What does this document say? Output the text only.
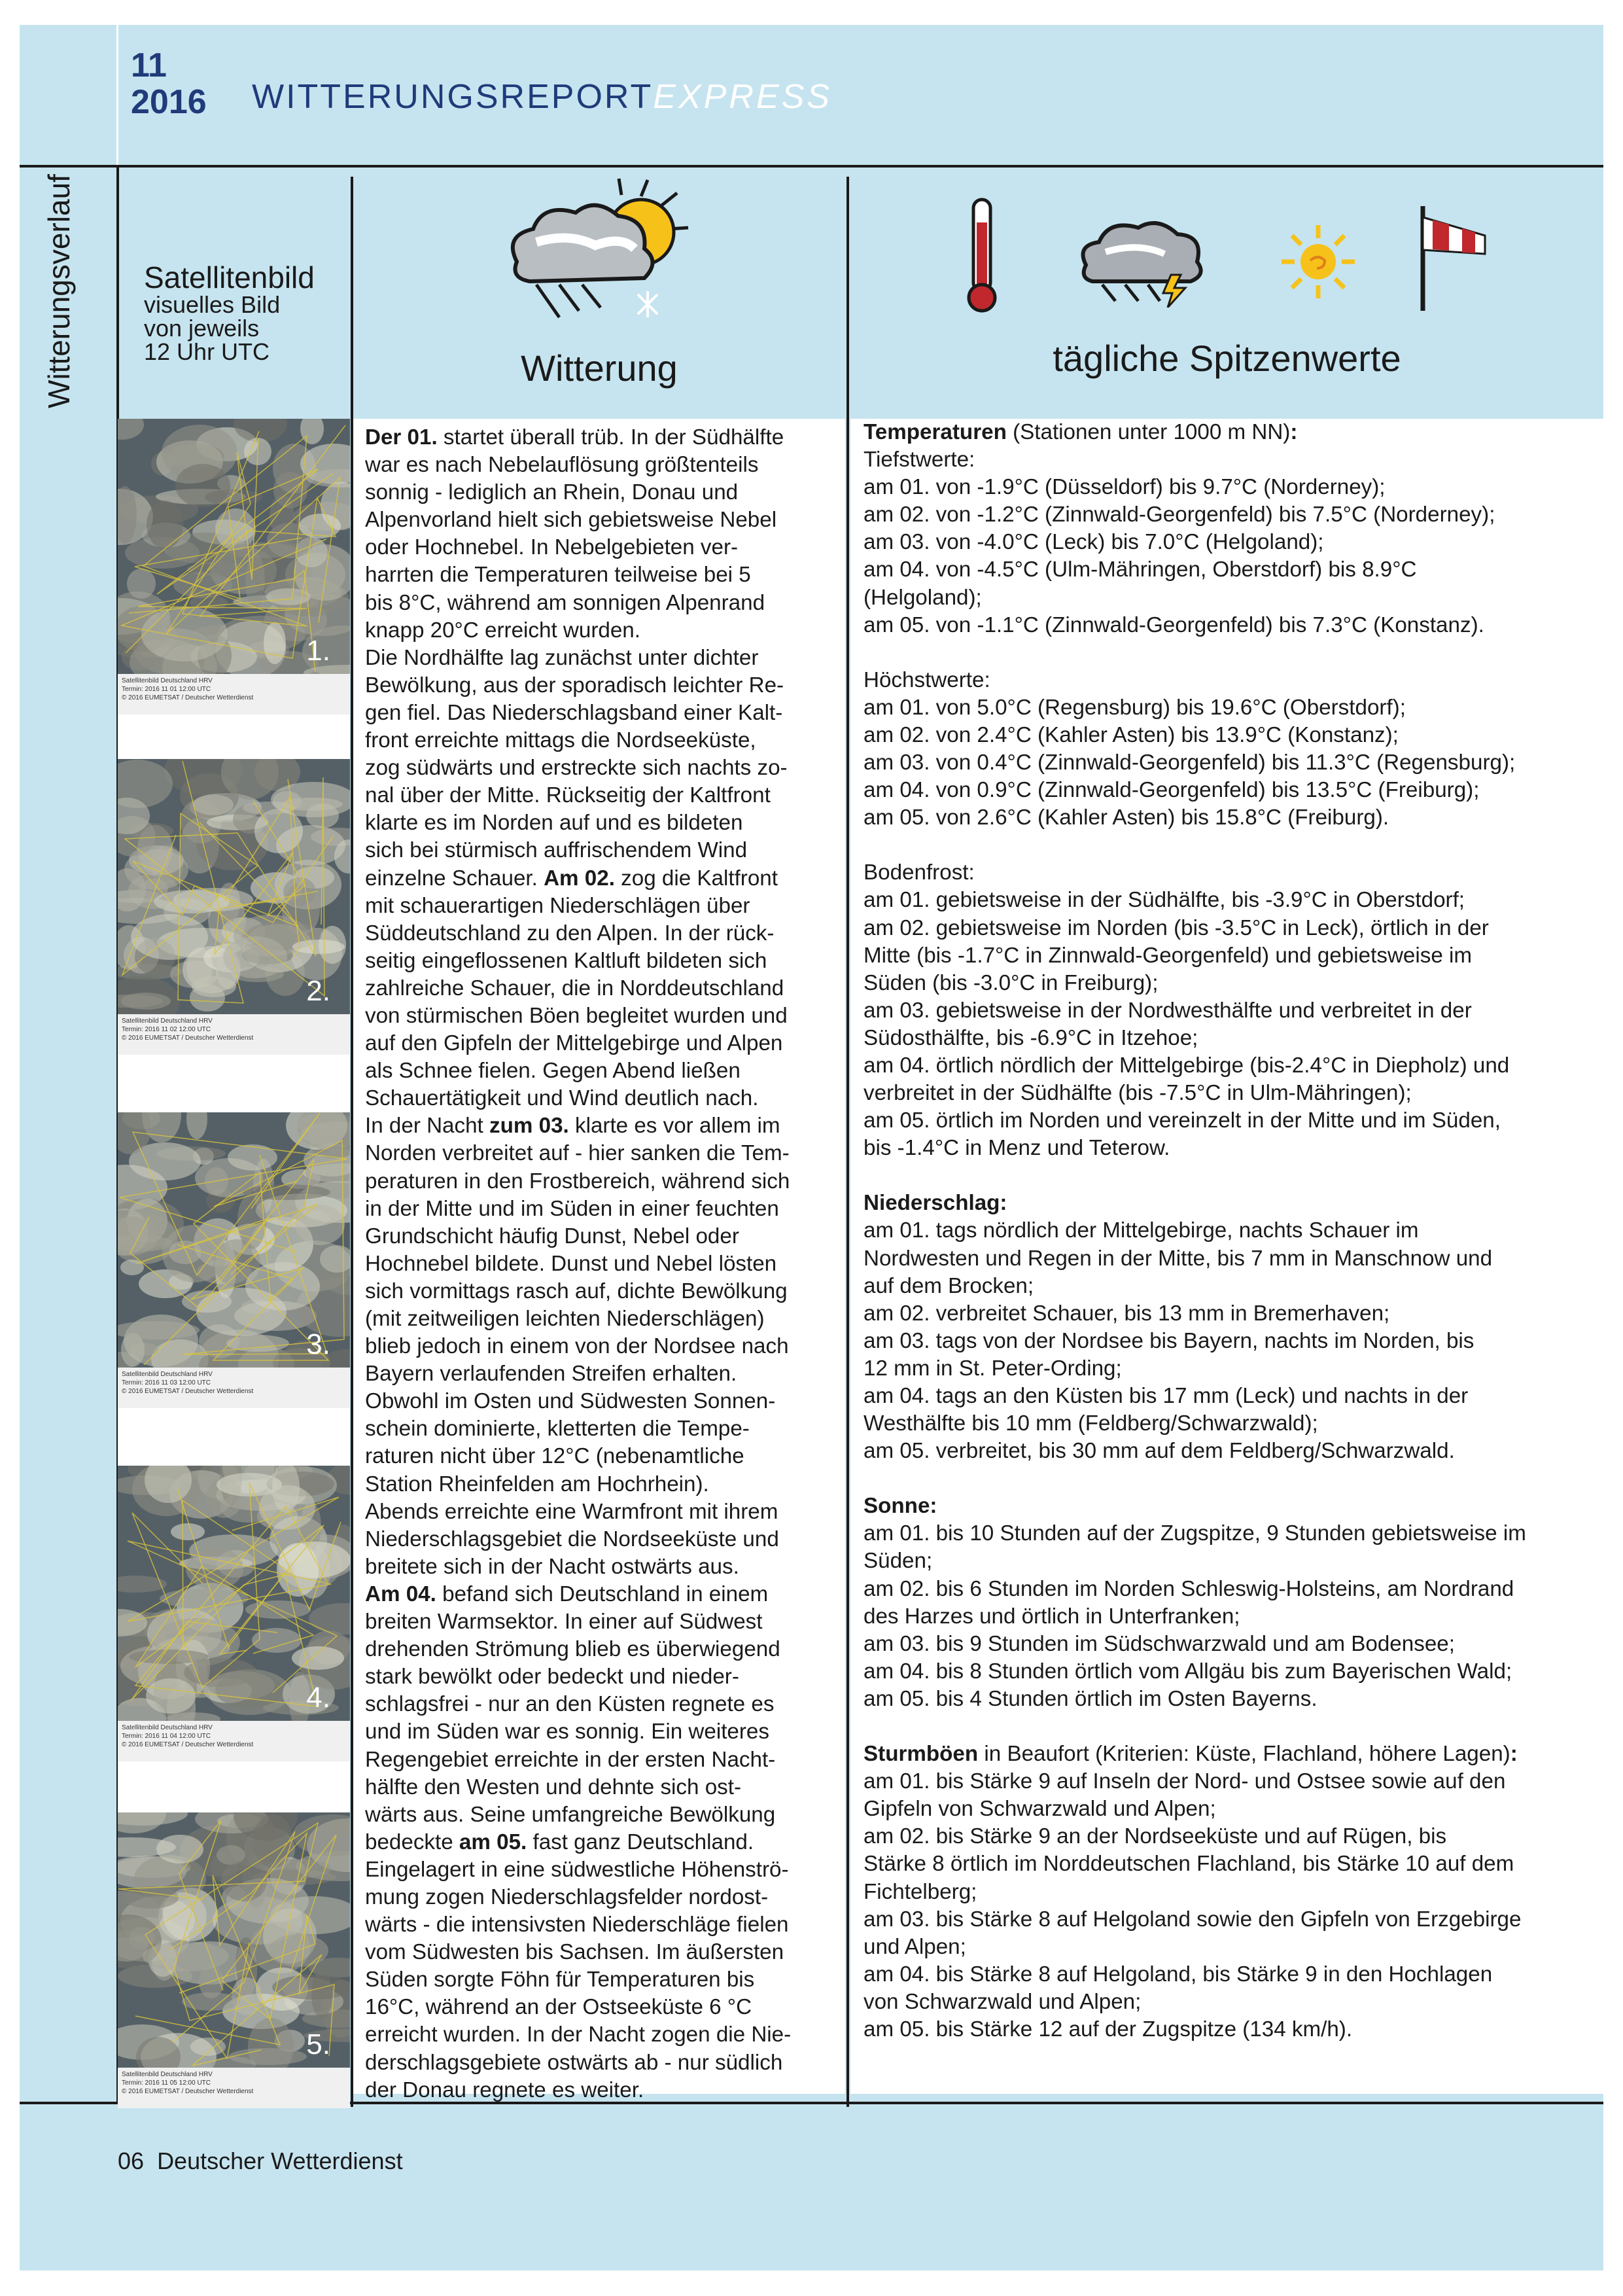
11
2016 WITTERUNGSREPORTEXPRESS
Witterungsverlauf Satellitenbild
visuelles Bild
von jeweils
12 Uhr UTC	Witterung	tägliche Spitzenwerte
1.
Satellitenbild Deutschland HRV
Termin: 2016 11 01 12:00 UTC
© 2016 EUMETSAT / Deutscher Wetterdienst
2.
Satellitenbild Deutschland HRV
Termin: 2016 11 02 12:00 UTC
© 2016 EUMETSAT / Deutscher Wetterdienst
3.
Satellitenbild Deutschland HRV
Termin: 2016 11 03 12:00 UTC
© 2016 EUMETSAT / Deutscher Wetterdienst
4.
Satellitenbild Deutschland HRV
Termin: 2016 11 04 12:00 UTC
© 2016 EUMETSAT / Deutscher Wetterdienst
5.
Satellitenbild Deutschland HRV
Termin: 2016 11 05 12:00 UTC
© 2016 EUMETSAT / Deutscher Wetterdienst

Der 01. startet überall trüb. In der Südhälfte

war es nach Nebelauflösung größtenteils

sonnig - lediglich an Rhein, Donau und

Alpenvorland hielt sich gebietsweise Nebel

oder Hochnebel. In Nebelgebieten ver-

harrten die Temperaturen teilweise bei 5

bis 8°C, während am sonnigen Alpenrand

knapp 20°C erreicht wurden.

Die Nordhälfte lag zunächst unter dichter

Bewölkung, aus der sporadisch leichter Re-

gen fiel. Das Niederschlagsband einer Kalt-

front erreichte mittags die Nordseeküste,

zog südwärts und erstreckte sich nachts zo-

nal über der Mitte. Rückseitig der Kaltfront

klarte es im Norden auf und es bildeten

sich bei stürmisch auffrischendem Wind

einzelne Schauer. Am 02. zog die Kaltfront

mit schauerartigen Niederschlägen über

Süddeutschland zu den Alpen. In der rück-

seitig eingeflossenen Kaltluft bildeten sich

zahlreiche Schauer, die in Norddeutschland

von stürmischen Böen begleitet wurden und

auf den Gipfeln der Mittelgebirge und Alpen

als Schnee fielen. Gegen Abend ließen

Schauertätigkeit und Wind deutlich nach.

In der Nacht zum 03. klarte es vor allem im

Norden verbreitet auf - hier sanken die Tem-

peraturen in den Frostbereich, während sich

in der Mitte und im Süden in einer feuchten

Grundschicht häufig Dunst, Nebel oder

Hochnebel bildete. Dunst und Nebel lösten

sich vormittags rasch auf, dichte Bewölkung

(mit zeitweiligen leichten Niederschlägen)

blieb jedoch in einem von der Nordsee nach

Bayern verlaufenden Streifen erhalten.

Obwohl im Osten und Südwesten Sonnen-

schein dominierte, kletterten die Tempe-

raturen nicht über 12°C (nebenamtliche

Station Rheinfelden am Hochrhein).

Abends erreichte eine Warmfront mit ihrem

Niederschlagsgebiet die Nordseeküste und

breitete sich in der Nacht ostwärts aus.

Am 04. befand sich Deutschland in einem

breiten Warmsektor. In einer auf Südwest

drehenden Strömung blieb es überwiegend

stark bewölkt oder bedeckt und nieder-

schlagsfrei - nur an den Küsten regnete es

und im Süden war es sonnig. Ein weiteres

Regengebiet erreichte in der ersten Nacht-

hälfte den Westen und dehnte sich ost-

wärts aus. Seine umfangreiche Bewölkung

bedeckte am 05. fast ganz Deutschland.

Eingelagert in eine südwestliche Höhenströ-

mung zogen Niederschlagsfelder nordost-

wärts - die intensivsten Niederschläge fielen

vom Südwesten bis Sachsen. Im äußersten

Süden sorgte Föhn für Temperaturen bis

16°C, während an der Ostseeküste 6 °C

erreicht wurden. In der Nacht zogen die Nie-

derschlagsgebiete ostwärts ab - nur südlich

der Donau regnete es weiter.

Temperaturen (Stationen unter 1000 m NN):

Tiefstwerte:

am 01. von -1.9°C (Düsseldorf) bis 9.7°C (Norderney);

am 02. von -1.2°C (Zinnwald-Georgenfeld) bis 7.5°C (Norderney);

am 03. von -4.0°C (Leck) bis 7.0°C (Helgoland);

am 04. von -4.5°C (Ulm-Mähringen, Oberstdorf) bis 8.9°C

(Helgoland);

am 05. von -1.1°C (Zinnwald-Georgenfeld) bis 7.3°C (Konstanz).

Höchstwerte:

am 01. von 5.0°C (Regensburg) bis 19.6°C (Oberstdorf);

am 02. von 2.4°C (Kahler Asten) bis 13.9°C (Konstanz);

am 03. von 0.4°C (Zinnwald-Georgenfeld) bis 11.3°C (Regensburg);

am 04. von 0.9°C (Zinnwald-Georgenfeld) bis 13.5°C (Freiburg);

am 05. von 2.6°C (Kahler Asten) bis 15.8°C (Freiburg).

Bodenfrost:

am 01. gebietsweise in der Südhälfte, bis -3.9°C in Oberstdorf;

am 02. gebietsweise im Norden (bis -3.5°C in Leck), örtlich in der

Mitte (bis -1.7°C in Zinnwald-Georgenfeld) und gebietsweise im

Süden (bis -3.0°C in Freiburg);

am 03. gebietsweise in der Nordwesthälfte und verbreitet in der

Südosthälfte, bis -6.9°C in Itzehoe;

am 04. örtlich nördlich der Mittelgebirge (bis-2.4°C in Diepholz) und

verbreitet in der Südhälfte (bis -7.5°C in Ulm-Mähringen);

am 05. örtlich im Norden und vereinzelt in der Mitte und im Süden,

bis -1.4°C in Menz und Teterow.

Niederschlag:

am 01. tags nördlich der Mittelgebirge, nachts Schauer im

Nordwesten und Regen in der Mitte, bis 7 mm in Manschnow und

auf dem Brocken;

am 02. verbreitet Schauer, bis 13 mm in Bremerhaven;

am 03. tags von der Nordsee bis Bayern, nachts im Norden, bis

12 mm in St. Peter-Ording;

am 04. tags an den Küsten bis 17 mm (Leck) und nachts in der

Westhälfte bis 10 mm (Feldberg/Schwarzwald);

am 05. verbreitet, bis 30 mm auf dem Feldberg/Schwarzwald.

Sonne:

am 01. bis 10 Stunden auf der Zugspitze, 9 Stunden gebietsweise im

Süden;

am 02. bis 6 Stunden im Norden Schleswig-Holsteins, am Nordrand

des Harzes und örtlich in Unterfranken;

am 03. bis 9 Stunden im Südschwarzwald und am Bodensee;

am 04. bis 8 Stunden örtlich vom Allgäu bis zum Bayerischen Wald;

am 05. bis 4 Stunden örtlich im Osten Bayerns.

Sturmböen in Beaufort (Kriterien: Küste, Flachland, höhere Lagen):

am 01. bis Stärke 9 auf Inseln der Nord- und Ostsee sowie auf den

Gipfeln von Schwarzwald und Alpen;

am 02. bis Stärke 9 an der Nordseeküste und auf Rügen, bis

Stärke 8 örtlich im Norddeutschen Flachland, bis Stärke 10 auf dem

Fichtelberg;

am 03. bis Stärke 8 auf Helgoland sowie den Gipfeln von Erzgebirge

und Alpen;

am 04. bis Stärke 8 auf Helgoland, bis Stärke 9 in den Hochlagen

von Schwarzwald und Alpen;

am 05. bis Stärke 12 auf der Zugspitze (134 km/h).

06 Deutscher Wetterdienst
